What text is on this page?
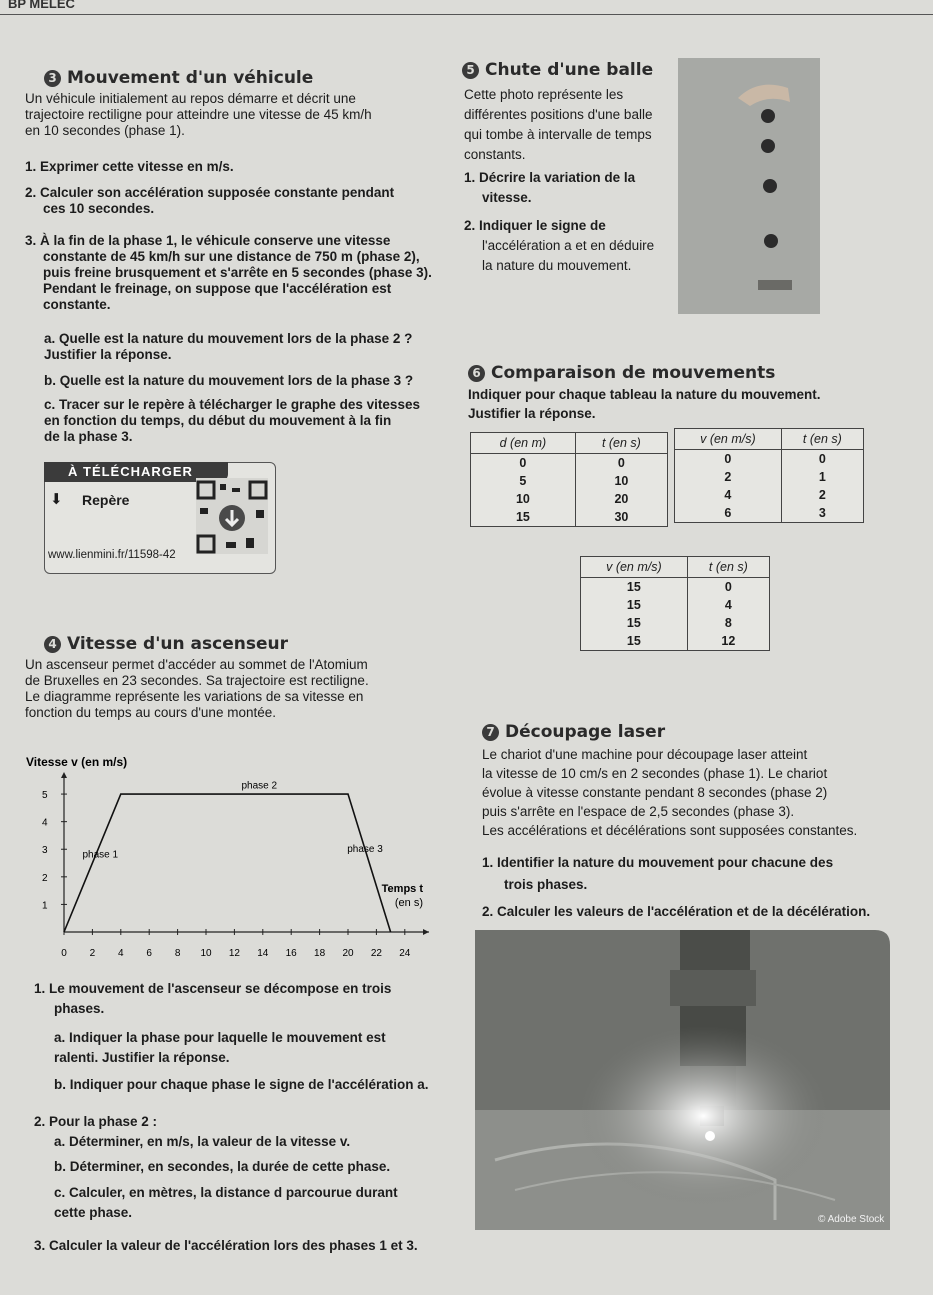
BP MELEC
3 Mouvement d'un véhicule
Un véhicule initialement au repos démarre et décrit une
trajectoire rectiligne pour atteindre une vitesse de 45 km/h
en 10 secondes (phase 1).
1. Exprimer cette vitesse en m/s.
2. Calculer son accélération supposée constante pendant
ces 10 secondes.
3. À la fin de la phase 1, le véhicule conserve une vitesse
constante de 45 km/h sur une distance de 750 m (phase 2),
puis freine brusquement et s'arrête en 5 secondes (phase 3).
Pendant le freinage, on suppose que l'accélération est
constante.
a. Quelle est la nature du mouvement lors de la phase 2 ?
Justifier la réponse.
b. Quelle est la nature du mouvement lors de la phase 3 ?
c. Tracer sur le repère à télécharger le graphe des vitesses
en fonction du temps, du début du mouvement à la fin
de la phase 3.
À TÉLÉCHARGER
⬇ Repère
www.lienmini.fr/11598-42
4 Vitesse d'un ascenseur
Un ascenseur permet d'accéder au sommet de l'Atomium
de Bruxelles en 23 secondes. Sa trajectoire est rectiligne.
Le diagramme représente les variations de sa vitesse en
fonction du temps au cours d'une montée.
Vitesse v (en m/s)
0 2 4 6 8 10 12 14 16 18 20 22 24
1
2
3
4
5
phase 1
phase 2
phase 3
Temps t
(en s)
1. Le mouvement de l'ascenseur se décompose en trois
phases.
a. Indiquer la phase pour laquelle le mouvement est
ralenti. Justifier la réponse.
b. Indiquer pour chaque phase le signe de l'accélération a.
2. Pour la phase 2 :
a. Déterminer, en m/s, la valeur de la vitesse v.
b. Déterminer, en secondes, la durée de cette phase.
c. Calculer, en mètres, la distance d parcourue durant
cette phase.
3. Calculer la valeur de l'accélération lors des phases 1 et 3.
5 Chute d'une balle
Cette photo représente les
différentes positions d'une balle
qui tombe à intervalle de temps
constants.
1. Décrire la variation de la
vitesse.
2. Indiquer le signe de
l'accélération a et en déduire
la nature du mouvement.
6 Comparaison de mouvements
Indiquer pour chaque tableau la nature du mouvement.
Justifier la réponse.
d (en m)	t (en s)
0	0
5	10
10	20
15	30
v (en m/s)	t (en s)
0	0
2	1
4	2
6	3
v (en m/s)	t (en s)
15	0
15	4
15	8
15	12
7 Découpage laser
Le chariot d'une machine pour découpage laser atteint
la vitesse de 10 cm/s en 2 secondes (phase 1). Le chariot
évolue à vitesse constante pendant 8 secondes (phase 2)
puis s'arrête en l'espace de 2,5 secondes (phase 3).
Les accélérations et décélérations sont supposées constantes.
1. Identifier la nature du mouvement pour chacune des
trois phases.
2. Calculer les valeurs de l'accélération et de la décélération.
© Adobe Stock
